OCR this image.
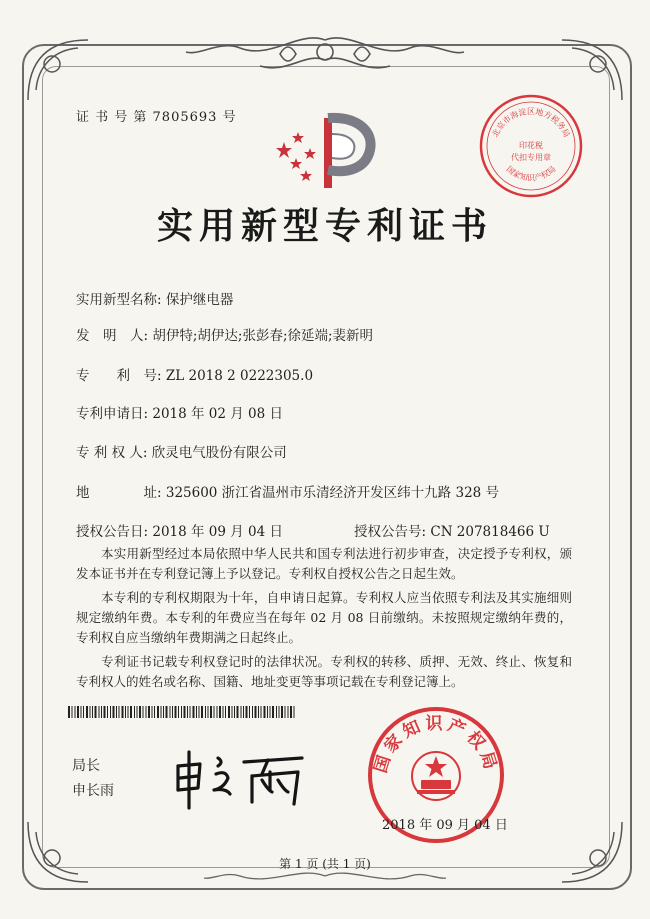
证 书 号 第 7805693 号
北京市海淀区地方税务局
印花税
代扣专用章
国家知识产权局
实用新型专利证书
实用新型名称: 保护继电器
发　明　人: 胡伊特;胡伊达;张彭春;徐延端;裴新明
专　　利　号: ZL 2018 2 0222305.0
专利申请日: 2018 年 02 月 08 日
专 利 权 人: 欣灵电气股份有限公司
地　　　　址: 325600 浙江省温州市乐清经济开发区纬十九路 328 号
授权公告日: 2018 年 09 月 04 日	授权公告号: CN 207818466 U
本实用新型经过本局依照中华人民共和国专利法进行初步审查，决定授予专利权，颁发本证书并在专利登记簿上予以登记。专利权自授权公告之日起生效。
本专利的专利权期限为十年，自申请日起算。专利权人应当依照专利法及其实施细则规定缴纳年费。本专利的年费应当在每年 02 月 08 日前缴纳。未按照规定缴纳年费的，专利权自应当缴纳年费期满之日起终止。
专利证书记载专利权登记时的法律状况。专利权的转移、质押、无效、终止、恢复和专利权人的姓名或名称、国籍、地址变更等事项记载在专利登记簿上。
局长
申长雨
国家知识产权局
2018 年 09 月 04 日
第 1 页 (共 1 页)
